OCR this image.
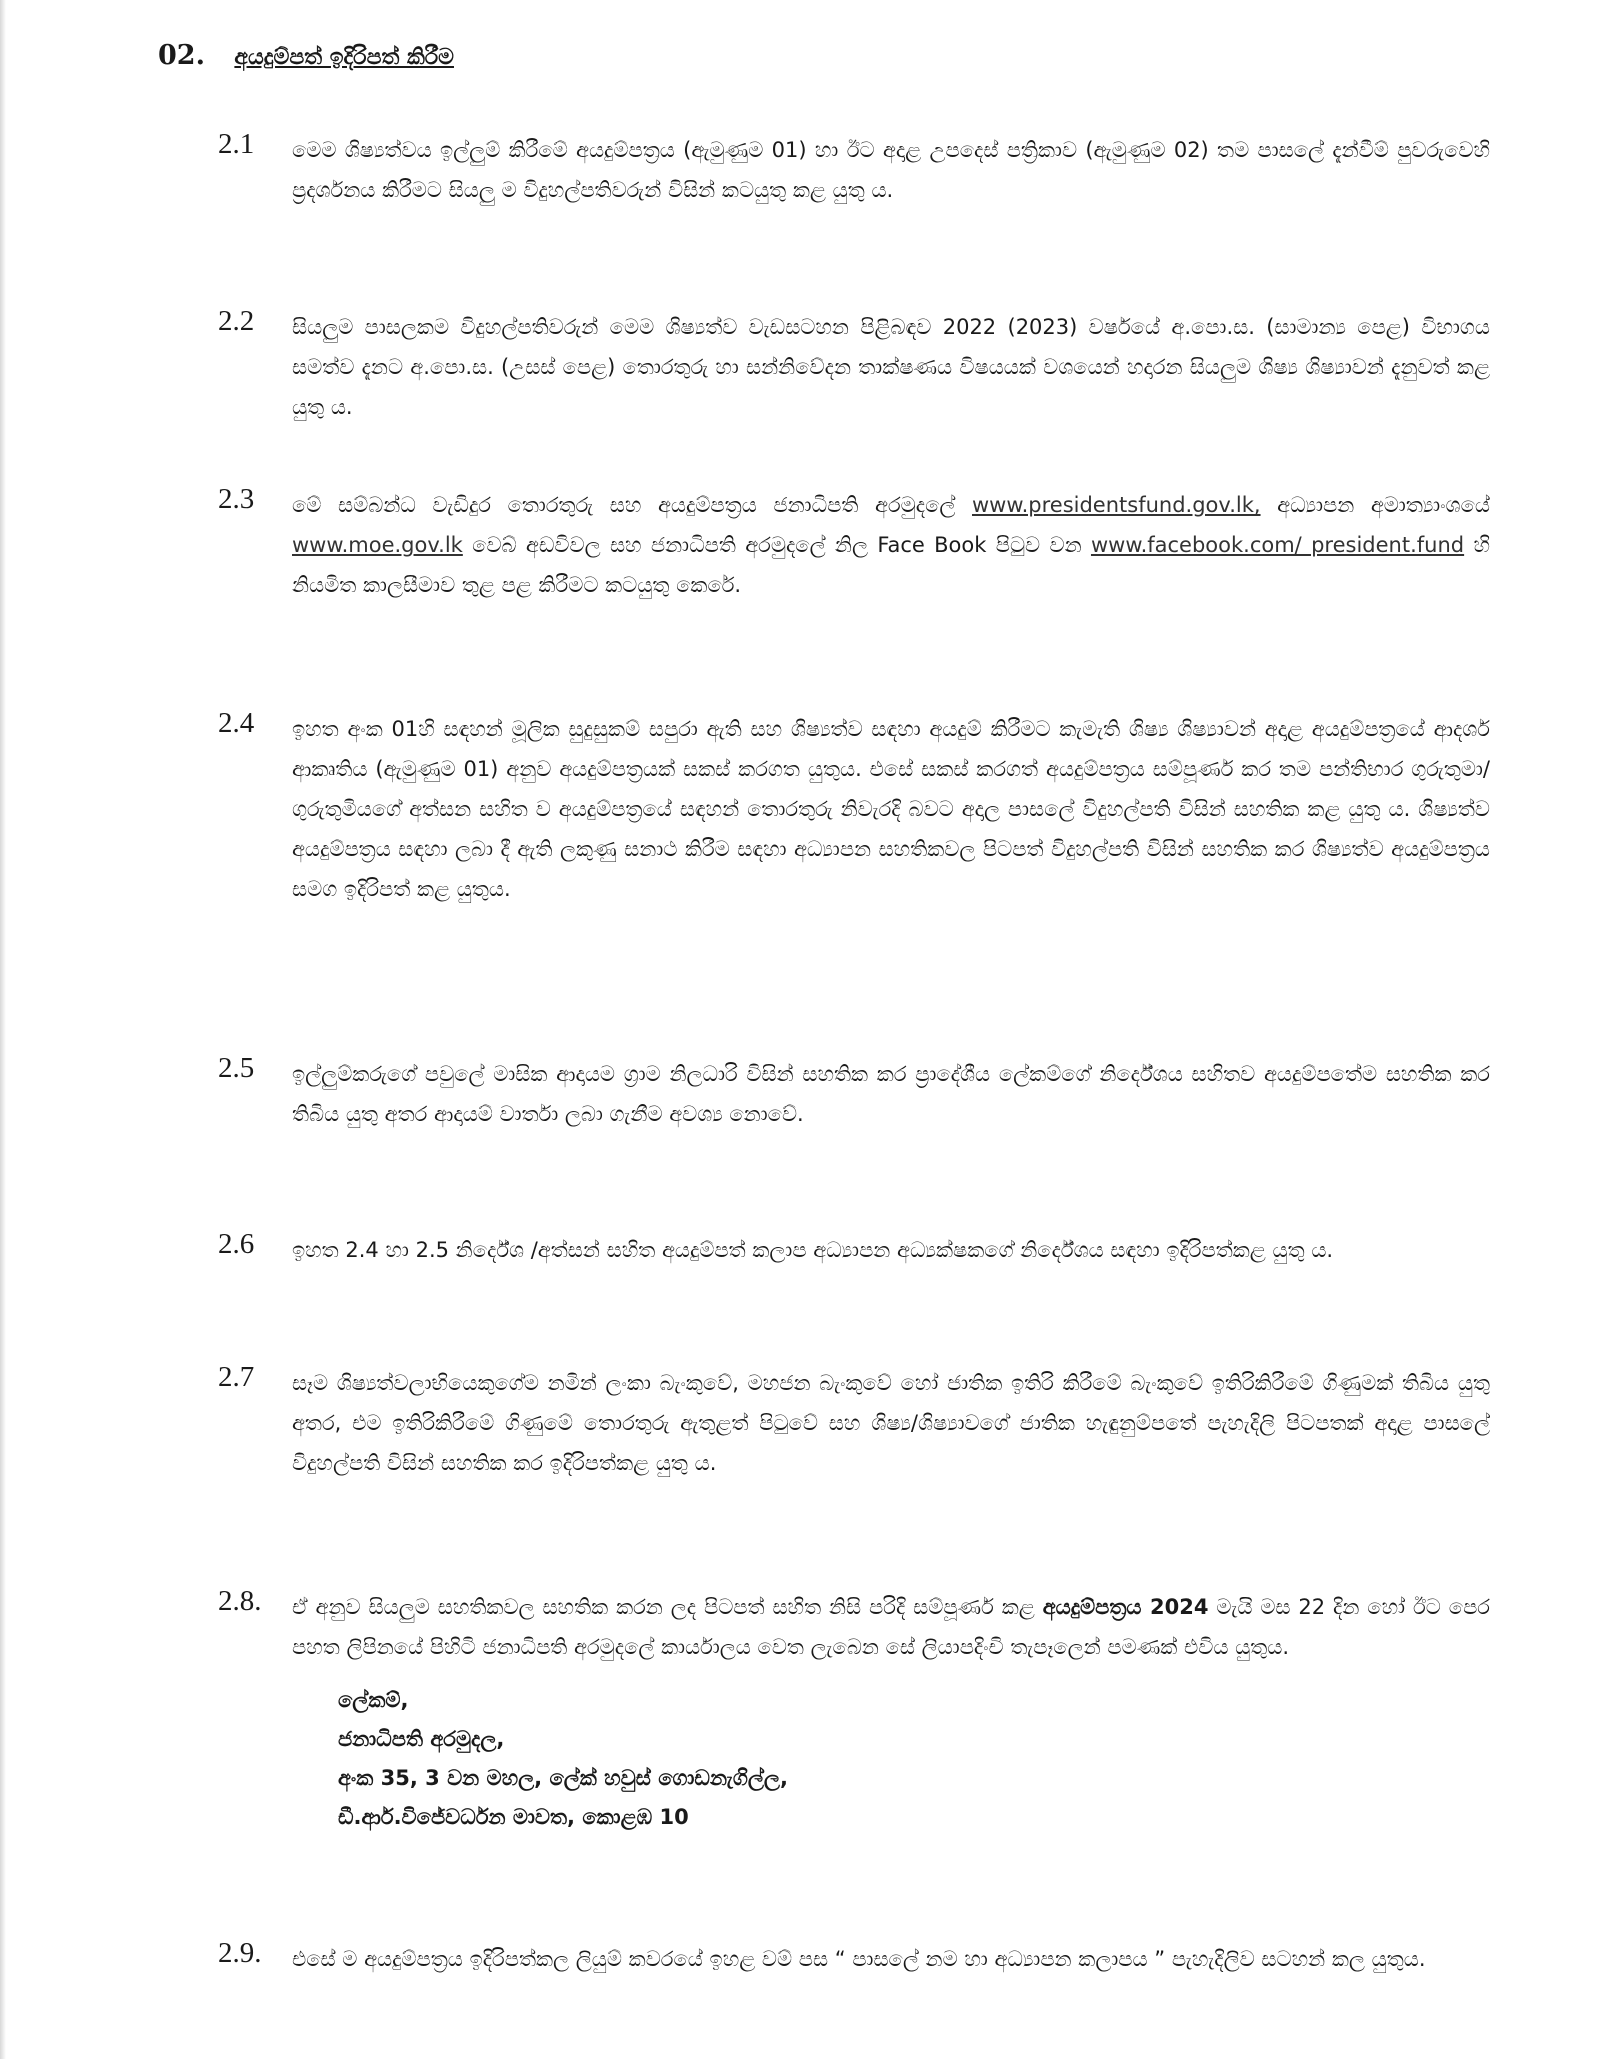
02. අයදුම්පත් ඉදිරිපත් කිරීම
2.1 මෙම ශිෂ්‍යත්වය ඉල්ලුම් කිරීමේ අයදුම්පත්‍රය (ඇමුණුම 01) හා ඊට අදාළ උපදෙස් පත්‍රිකාව (ඇමුණුම 02) තම පාසලේ දැන්වීම් පුවරුවෙහි ප්‍රදර්ශනය කිරීමට සියලු ම විදුහල්පතිවරුන් විසින් කටයුතු කළ යුතු ය.

2.2 සියලුම පාසලකම විදුහල්පතිවරුන් මෙම ශිෂ්‍යත්ව වැඩසටහන පිළිබඳව 2022 (2023) වර්ෂයේ අ.පො.ස. (සාමාන්‍ය පෙළ) විභාගය සමත්ව දැනට අ.පො.ස. (උසස් පෙළ) තොරතුරු හා සන්නිවේදන තාක්ෂණය විෂයයක් වශයෙන් හදාරන සියලුම ශිෂ්‍ය ශිෂ්‍යාවන් දැනුවත් කළ යුතු ය.

2.3 මේ සම්බන්ධ වැඩිදුර තොරතුරු සහ අයදුම්පත්‍රය ජනාධිපති අරමුදලේ www.presidentsfund.gov.lk, අධ්‍යාපන අමාත්‍යාංශයේ www.moe.gov.lk වෙබ් අඩවිවල සහ ජනාධිපති අරමුදලේ නිල Face Book පිටුව වන www.facebook.com/ president.fund හි නියමිත කාලසීමාව තුළ පළ කිරීමට කටයුතු කෙරේ.

2.4 ඉහත අංක 01හි සඳහන් මූලික සුදුසුකම් සපුරා ඇති සහ ශිෂ්‍යත්ව සඳහා අයදුම් කිරීමට කැමැති ශිෂ්‍ය ශිෂ්‍යාවන් අදාළ අයදුම්පත්‍රයේ ආදර්ශ ආකෘතිය (ඇමුණුම 01) අනුව අයදුම්පත්‍රයක් සකස් කරගත යුතුය. එසේ සකස් කරගත් අයදුම්පත්‍රය සම්පූර්ණ කර තම පන්තිභාර ගුරුතුමා/ගුරුතුමියගේ අත්සන සහිත ව අයදුම්පත්‍රයේ සඳහන් තොරතුරු නිවැරදි බවට අදාල පාසලේ විදුහල්පති විසින් සහතික කළ යුතු ය. ශිෂ්‍යත්ව අයදුම්පත්‍රය සඳහා ලබා දී ඇති ලකුණු සනාථ කිරීම සඳහා අධ්‍යාපන සහතිකවල පිටපත් විදුහල්පති විසින් සහතික කර ශිෂ්‍යත්ව අයදුම්පත්‍රය සමග ඉදිරිපත් කළ යුතුය.

2.5 ඉල්ලුම්කරුගේ පවුලේ මාසික ආදායම ග්‍රාම නිලධාරි විසින් සහතික කර ප්‍රාදේශීය ලේකම්ගේ නිර්දේශය සහිතව අයදුම්පතේම සහතික කර තිබිය යුතු අතර ආදායම් වාර්තා ලබා ගැනීම අවශ්‍ය නොවේ.

2.6 ඉහත 2.4 හා 2.5 නිර්දේශ /අත්සන් සහිත අයදුම්පත් කලාප අධ්‍යාපන අධ්‍යක්ෂකගේ නිර්දේශය සඳහා ඉදිරිපත්කළ යුතු ය.

2.7 සෑම ශිෂ්‍යත්වලාභියෙකුගේම නමින් ලංකා බැංකුවේ, මහජන බැංකුවේ හෝ ජාතික ඉතිරි කිරීමේ බැංකුවේ ඉතිරිකිරීමේ ගිණුමක් තිබිය යුතු අතර, එම ඉතිරිකිරීමේ ගිණුමේ තොරතුරු ඇතුළත් පිටුවේ සහ ශිෂ්‍ය/ශිෂ්‍යාවගේ ජාතික හැඳුනුම්පතේ පැහැදිලි පිටපතක් අදාළ පාසලේ විදුහල්පති විසින් සහතික කර ඉදිරිපත්කළ යුතු ය.

2.8. ඒ අනුව සියලුම සහතිකවල සහතික කරන ලද පිටපත් සහිත නිසි පරිදි සම්පූර්ණ කළ අයදුම්පත්‍රය 2024 මැයි මස 22 දින හෝ ඊට පෙර පහත ලිපිනයේ පිහිටි ජනාධිපති අරමුදලේ කාර්යාලය වෙත ලැබෙන සේ ලියාපදිංචි තැපෑලෙන් පමණක් එවිය යුතුය.

ලේකම්,
ජනාධිපති අරමුදල,
අංක 35, 3 වන මහල, ලේක් හවුස් ගොඩනැගිල්ල,
ඩී.ආර්.විජේවර්ධන මාවත, කොළඹ 10
2.9. එසේ ම අයදුම්පත්‍රය ඉදිරිපත්කල ලියුම් කවරයේ ඉහළ වම් පස “ පාසලේ නම හා අධ්‍යාපන කලාපය ” පැහැදිලිව සටහන් කල යුතුය.
